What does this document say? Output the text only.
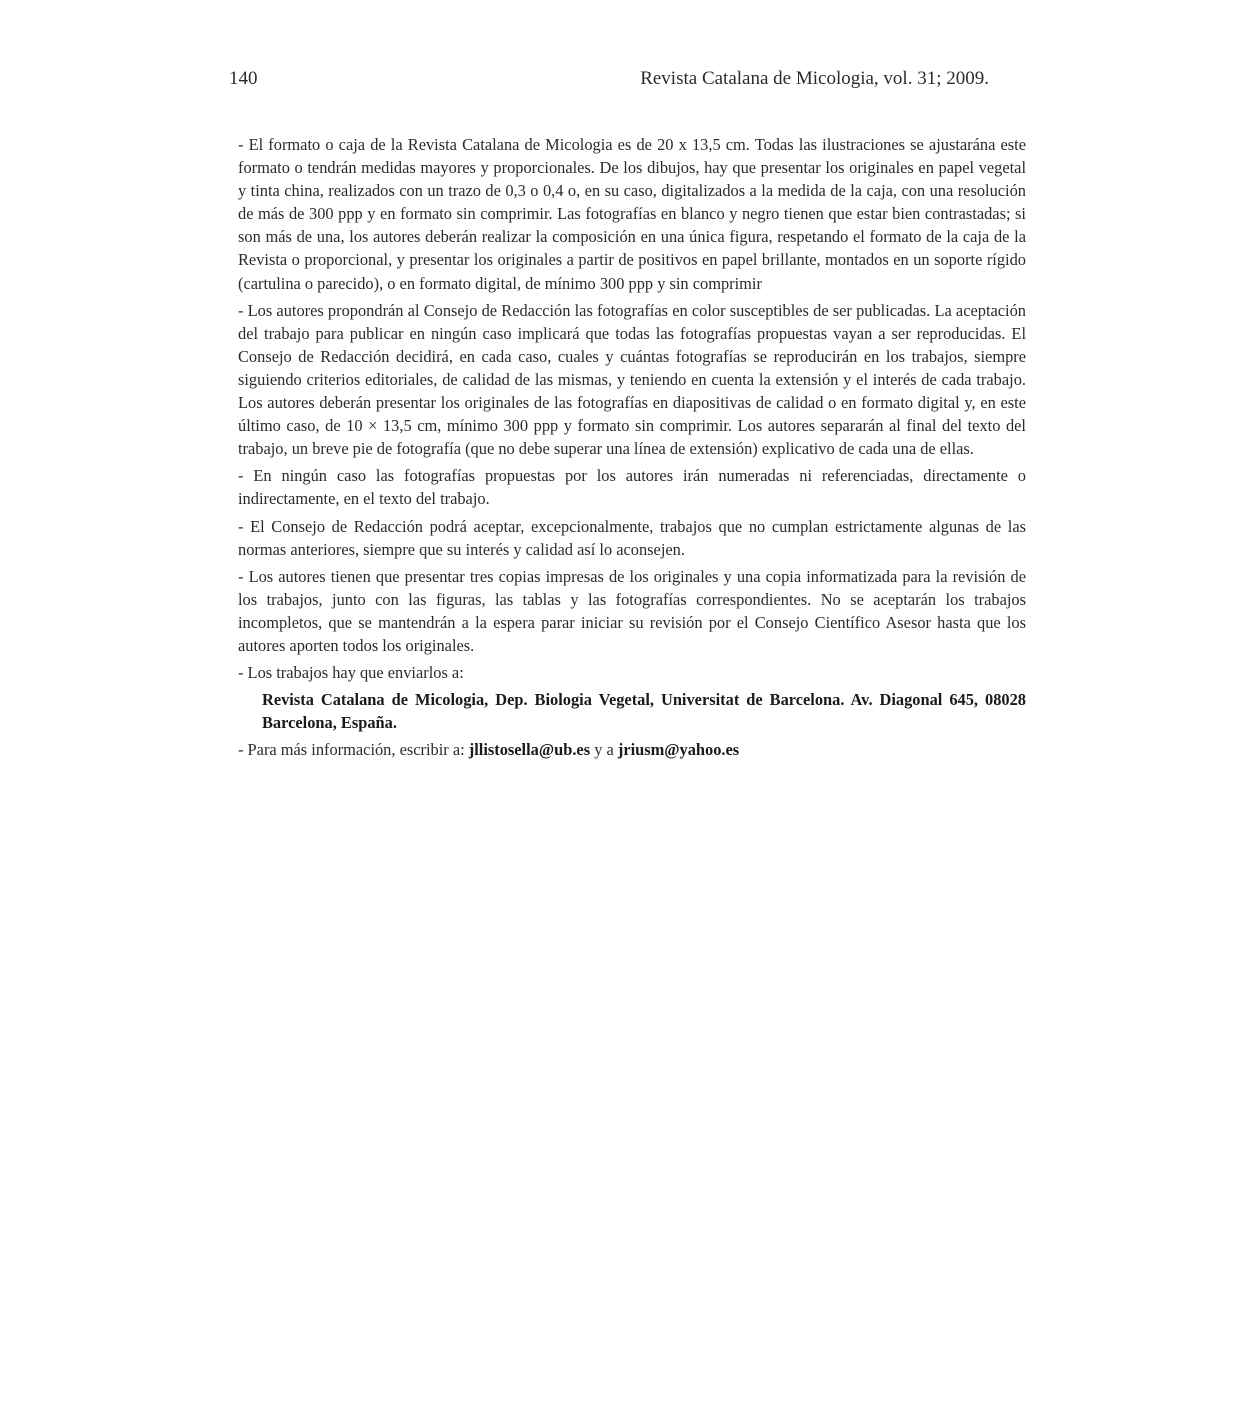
140	Revista Catalana de Micologia, vol. 31; 2009.

- El formato o caja de la Revista Catalana de Micologia es de 20 x 13,5 cm. Todas las ilustraciones se ajustarána este formato o tendrán medidas mayores y proporcionales. De los dibujos, hay que presentar los originales en papel vegetal y tinta china, realizados con un trazo de 0,3 o 0,4 o, en su caso, digitalizados a la medida de la caja, con una resolución de más de 300 ppp y en formato sin comprimir. Las fotografías en blanco y negro tienen que estar bien contrastadas; si son más de una, los autores deberán realizar la composición en una única figura, respetando el formato de la caja de la Revista o proporcional, y presentar los originales a partir de positivos en papel brillante, montados en un soporte rígido (cartulina o parecido), o en formato digital, de mínimo 300 ppp y sin comprimir

- Los autores propondrán al Consejo de Redacción las fotografías en color susceptibles de ser publicadas. La aceptación del trabajo para publicar en ningún caso implicará que todas las fotografías propuestas vayan a ser reproducidas. El Consejo de Redacción decidirá, en cada caso, cuales y cuántas fotografías se reproducirán en los trabajos, siempre siguiendo criterios editoriales, de calidad de las mismas, y teniendo en cuenta la extensión y el interés de cada trabajo. Los autores deberán presentar los originales de las fotografías en diapositivas de calidad o en formato digital y, en este último caso, de 10 × 13,5 cm, mínimo 300 ppp y formato sin comprimir. Los autores separarán al final del texto del trabajo, un breve pie de fotografía (que no debe superar una línea de extensión) explicativo de cada una de ellas.

- En ningún caso las fotografías propuestas por los autores irán numeradas ni referenciadas, directamente o indirectamente, en el texto del trabajo.

- El Consejo de Redacción podrá aceptar, excepcionalmente, trabajos que no cumplan estrictamente algunas de las normas anteriores, siempre que su interés y calidad así lo aconsejen.

- Los autores tienen que presentar tres copias impresas de los originales y una copia informatizada para la revisión de los trabajos, junto con las figuras, las tablas y las fotografías correspondientes. No se aceptarán los trabajos incompletos, que se mantendrán a la espera parar iniciar su revisión por el Consejo Científico Asesor hasta que los autores aporten todos los originales.

- Los trabajos hay que enviarlos a:

Revista Catalana de Micologia, Dep. Biologia Vegetal, Universitat de Barcelona. Av. Diagonal 645, 08028 Barcelona, España.

- Para más información, escribir a: jllistosella@ub.es y a jriusm@yahoo.es
